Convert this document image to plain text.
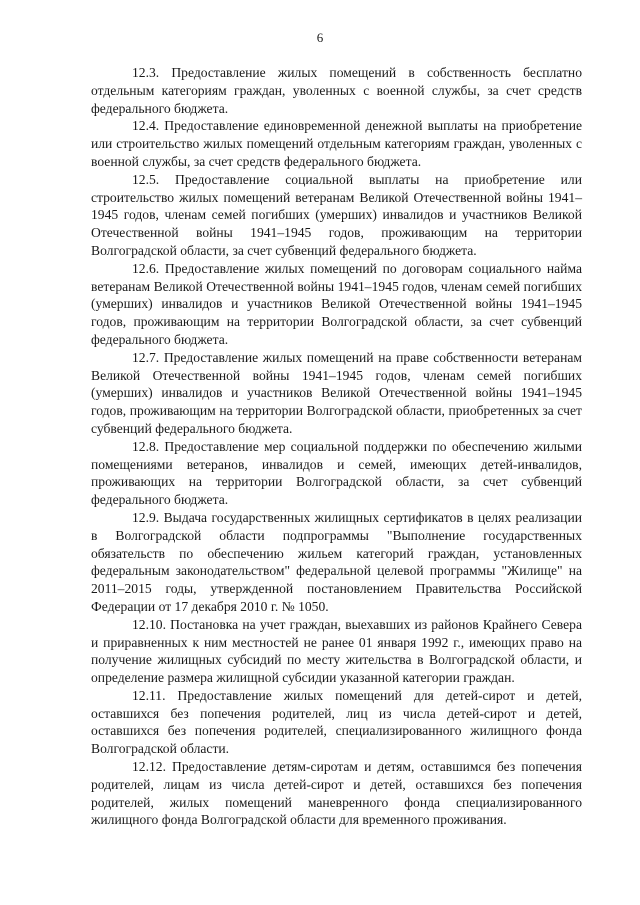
6

12.3. Предоставление жилых помещений в собственность бесплатно отдельным категориям граждан, уволенных с военной службы, за счет средств федерального бюджета.

12.4. Предоставление единовременной денежной выплаты на приобретение или строительство жилых помещений отдельным категориям граждан, уволенных с военной службы, за счет средств федерального бюджета.

12.5. Предоставление социальной выплаты на приобретение или строительство жилых помещений ветеранам Великой Отечественной войны 1941–1945 годов, членам семей погибших (умерших) инвалидов и участников Великой Отечественной войны 1941–1945 годов, проживающим на территории Волгоградской области, за счет субвенций федерального бюджета.

12.6. Предоставление жилых помещений по договорам социального найма ветеранам Великой Отечественной войны 1941–1945 годов, членам семей погибших (умерших) инвалидов и участников Великой Отечественной войны 1941–1945 годов, проживающим на территории Волгоградской области, за счет субвенций федерального бюджета.

12.7. Предоставление жилых помещений на праве собственности ветеранам Великой Отечественной войны 1941–1945 годов, членам семей погибших (умерших) инвалидов и участников Великой Отечественной войны 1941–1945 годов, проживающим на территории Волгоградской области, приобретенных за счет субвенций федерального бюджета.

12.8. Предоставление мер социальной поддержки по обеспечению жилыми помещениями ветеранов, инвалидов и семей, имеющих детей-инвалидов, проживающих на территории Волгоградской области, за счет субвенций федерального бюджета.

12.9. Выдача государственных жилищных сертификатов в целях реализации в Волгоградской области подпрограммы "Выполнение государственных обязательств по обеспечению жильем категорий граждан, установленных федеральным законодательством" федеральной целевой программы "Жилище" на 2011–2015 годы, утвержденной постановлением Правительства Российской Федерации от 17 декабря 2010 г. № 1050.

12.10. Постановка на учет граждан, выехавших из районов Крайнего Севера и приравненных к ним местностей не ранее 01 января 1992 г., имеющих право на получение жилищных субсидий по месту жительства в Волгоградской области, и определение размера жилищной субсидии указанной категории граждан.

12.11. Предоставление жилых помещений для детей-сирот и детей, оставшихся без попечения родителей, лиц из числа детей-сирот и детей, оставшихся без попечения родителей, специализированного жилищного фонда Волгоградской области.

12.12. Предоставление детям-сиротам и детям, оставшимся без попечения родителей, лицам из числа детей-сирот и детей, оставшихся без попечения родителей, жилых помещений маневренного фонда специализированного жилищного фонда Волгоградской области для временного проживания.
